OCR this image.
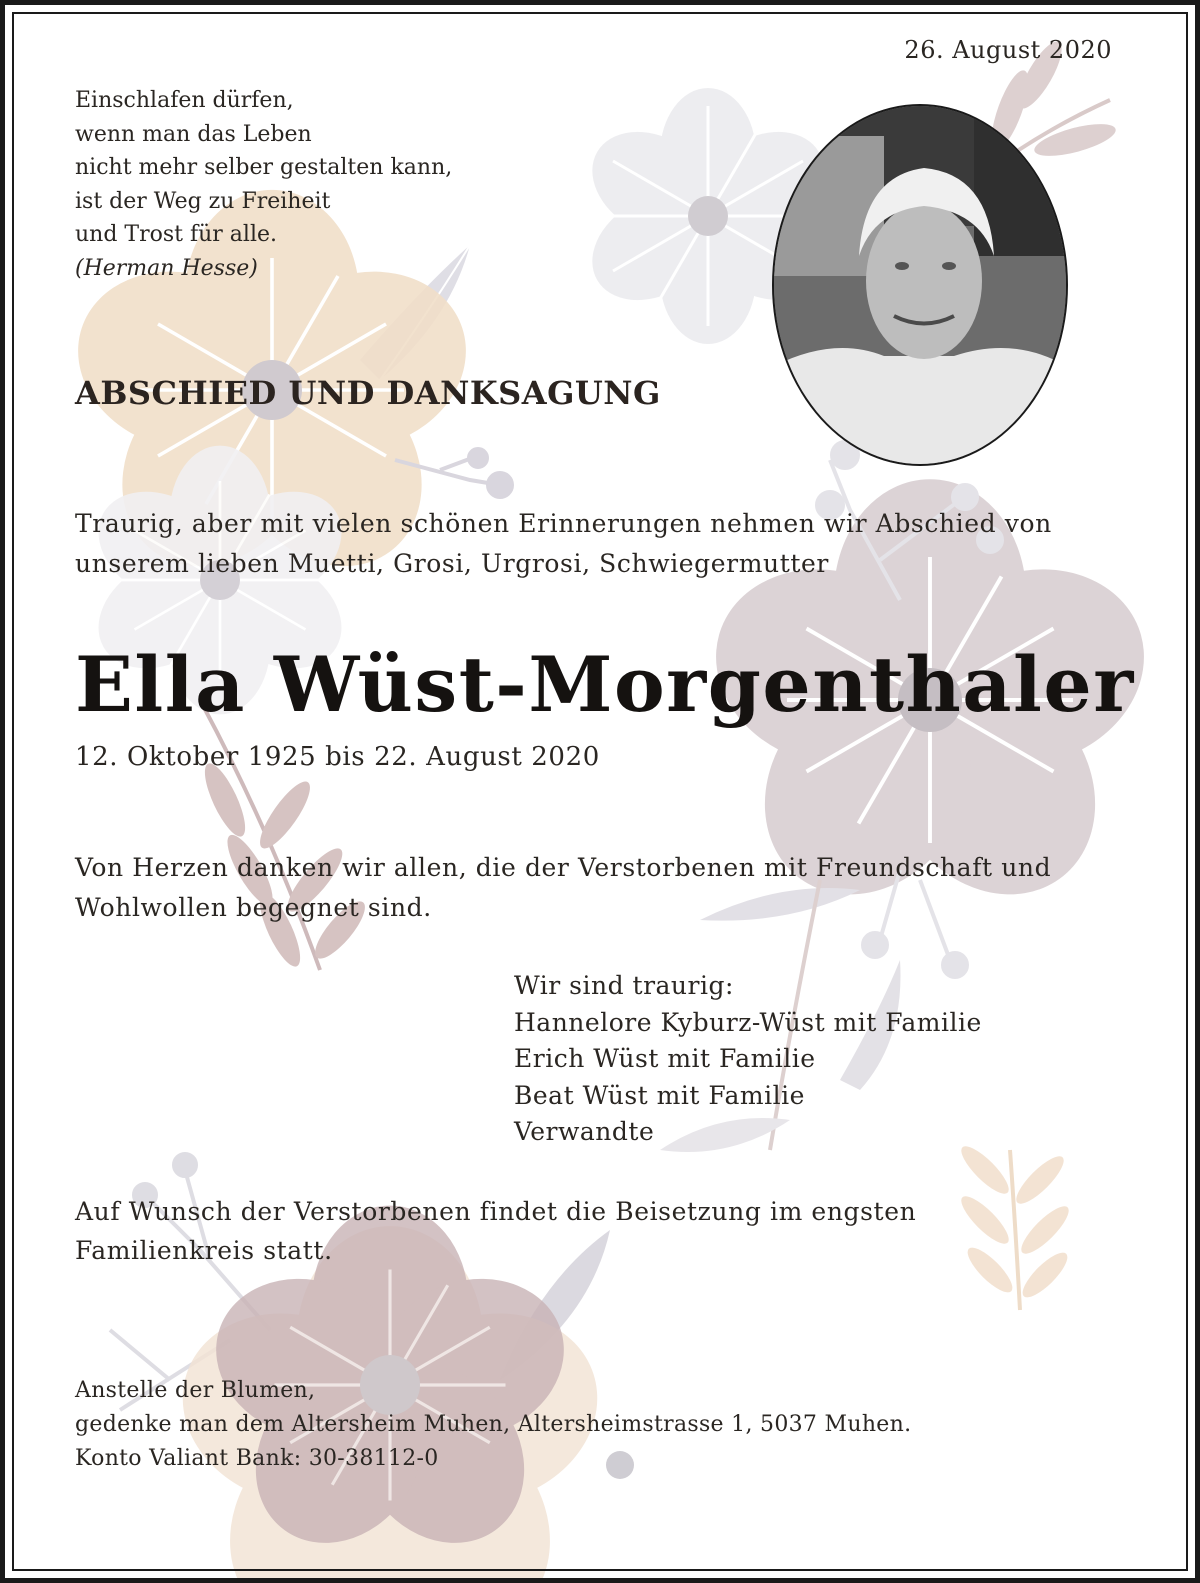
26. August 2020

Einschlafen dürfen,
wenn man das Leben
nicht mehr selber gestalten kann,
ist der Weg zu Freiheit
und Trost für alle.
(Herman Hesse)

ABSCHIED UND DANKSAGUNG

Traurig, aber mit vielen schönen Erinnerungen nehmen wir Abschied von unserem lieben Muetti, Grosi, Urgrosi, Schwiegermutter

Ella Wüst-Morgenthaler

12. Oktober 1925 bis 22. August 2020

Von Herzen danken wir allen, die der Verstorbenen mit Freundschaft und Wohlwollen begegnet sind.

Wir sind traurig:
Hannelore Kyburz-Wüst mit Familie
Erich Wüst mit Familie
Beat Wüst mit Familie
Verwandte

Auf Wunsch der Verstorbenen findet die Beisetzung im engsten Familienkreis statt.

Anstelle der Blumen,
gedenke man dem Altersheim Muhen, Altersheimstrasse 1, 5037 Muhen.
Konto Valiant Bank: 30-38112-0
